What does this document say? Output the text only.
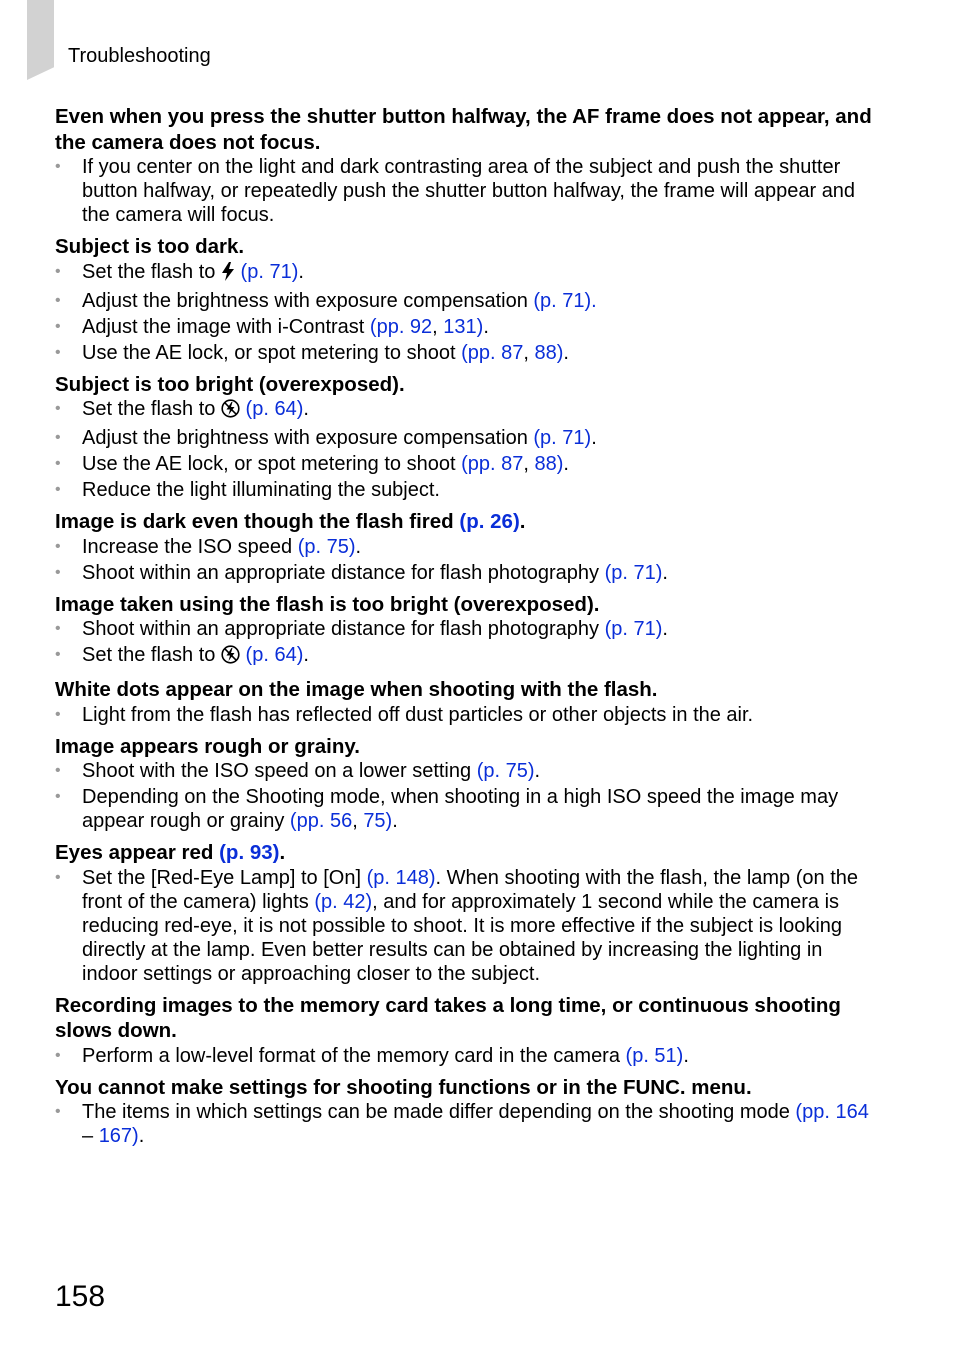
Troubleshooting
Even when you press the shutter button halfway, the AF frame does not appear, and the camera does not focus.
• If you center on the light and dark contrasting area of the subject and push the shutter button halfway, or repeatedly push the shutter button halfway, the frame will appear and the camera will focus.
Subject is too dark.
• Set the flash to  (p. 71).
• Adjust the brightness with exposure compensation (p. 71).
• Adjust the image with i-Contrast (pp. 92, 131).
• Use the AE lock, or spot metering to shoot (pp. 87, 88).
Subject is too bright (overexposed).
• Set the flash to  (p. 64).
• Adjust the brightness with exposure compensation (p. 71).
• Use the AE lock, or spot metering to shoot (pp. 87, 88).
• Reduce the light illuminating the subject.
Image is dark even though the flash fired (p. 26).
• Increase the ISO speed (p. 75).
• Shoot within an appropriate distance for flash photography (p. 71).
Image taken using the flash is too bright (overexposed).
• Shoot within an appropriate distance for flash photography (p. 71).
• Set the flash to  (p. 64).
White dots appear on the image when shooting with the flash.
• Light from the flash has reflected off dust particles or other objects in the air.
Image appears rough or grainy.
• Shoot with the ISO speed on a lower setting (p. 75).
• Depending on the Shooting mode, when shooting in a high ISO speed the image may appear rough or grainy (pp. 56, 75).
Eyes appear red (p. 93).
• Set the [Red-Eye Lamp] to [On] (p. 148). When shooting with the flash, the lamp (on the front of the camera) lights (p. 42), and for approximately 1 second while the camera is reducing red-eye, it is not possible to shoot. It is more effective if the subject is looking directly at the lamp. Even better results can be obtained by increasing the lighting in indoor settings or approaching closer to the subject.
Recording images to the memory card takes a long time, or continuous shooting slows down.
• Perform a low-level format of the memory card in the camera (p. 51).
You cannot make settings for shooting functions or in the FUNC. menu.
• The items in which settings can be made differ depending on the shooting mode (pp. 164 – 167).
158
